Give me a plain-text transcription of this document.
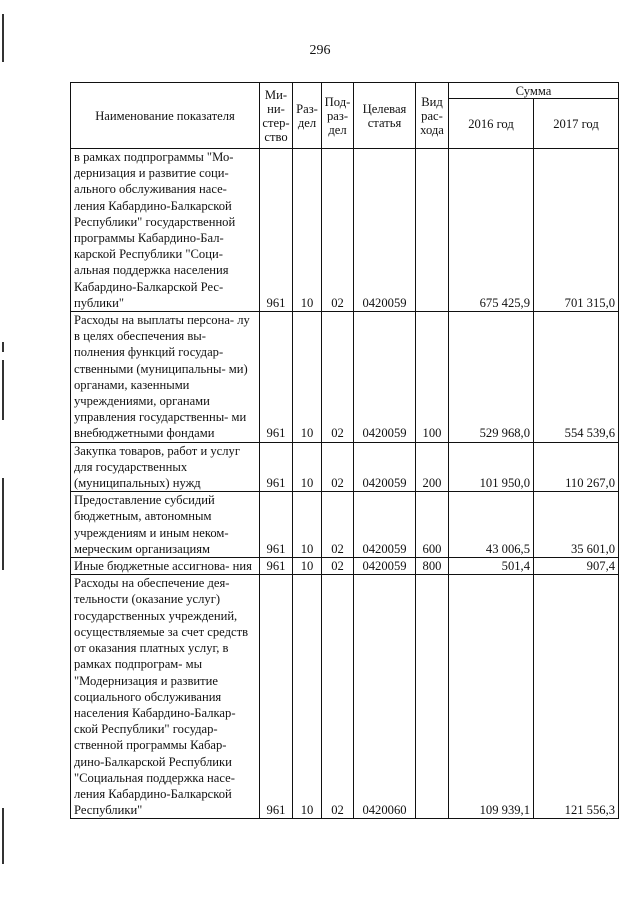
296
Наименование показателя	Ми- ни- стер- ство	Раз- дел	Под- раз- дел	Целевая статья	Вид рас- хода	Сумма	
						2016 год	2017 год
в рамках подпрограммы "Мо- дернизация и развитие соци- ального обслуживания насе- ления Кабардино-Балкарской Республики" государственной программы Кабардино-Бал- карской Республики "Соци- альная поддержка населения Кабардино-Балкарской Рес- публики"	961	10	02	0420059		675 425,9	701 315,0
Расходы на выплаты персона- лу в целях обеспечения вы- полнения функций государ- ственными (муниципальны- ми) органами, казенными учреждениями, органами управления государственны- ми внебюджетными фондами	961	10	02	0420059	100	529 968,0	554 539,6
Закупка товаров, работ и услуг для государственных (муниципальных) нужд	961	10	02	0420059	200	101 950,0	110 267,0
Предоставление субсидий бюджетным, автономным учреждениям и иным неком- мерческим организациям	961	10	02	0420059	600	43 006,5	35 601,0
Иные бюджетные ассигнова- ния	961	10	02	0420059	800	501,4	907,4
Расходы на обеспечение дея- тельности (оказание услуг) государственных учреждений, осуществляемые за счет средств от оказания платных услуг, в рамках подпрограм- мы "Модернизация и развитие социального обслуживания населения Кабардино-Балкар- ской Республики" государ- ственной программы Кабар- дино-Балкарской Республики "Социальная поддержка насе- ления Кабардино-Балкарской Республики"	961	10	02	0420060		109 939,1	121 556,3
